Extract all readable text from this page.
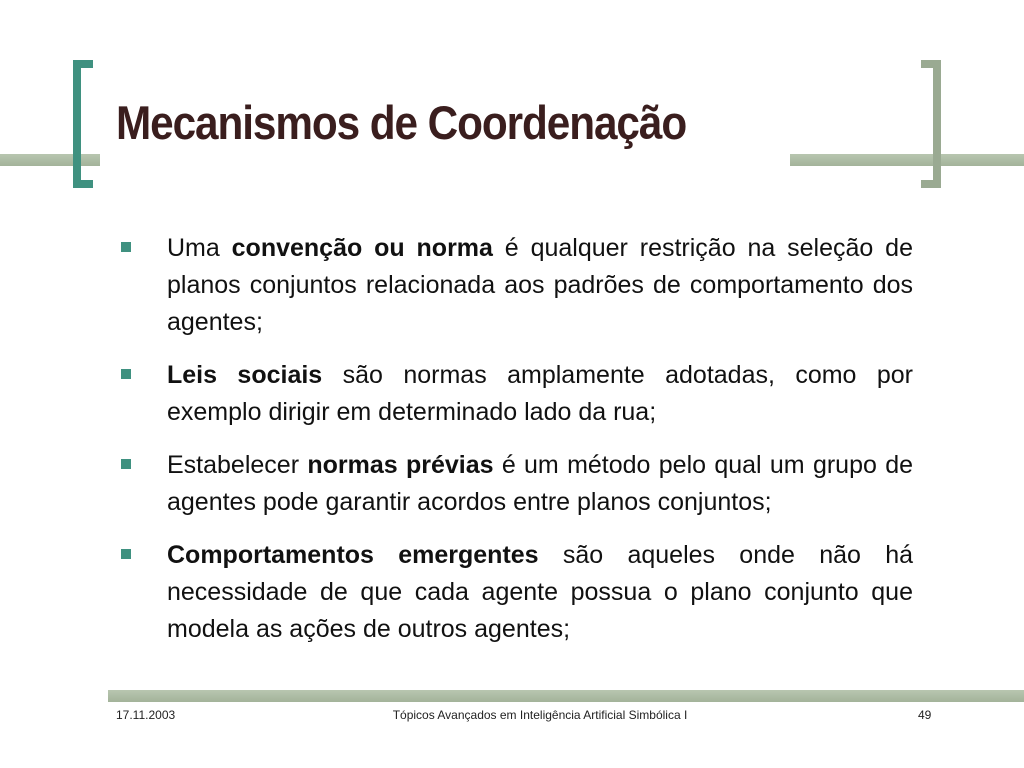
Mecanismos de Coordenação

Uma convenção ou norma é qualquer restrição na seleção de planos conjuntos relacionada aos padrões de comportamento dos agentes;

Leis sociais são normas amplamente adotadas, como por exemplo dirigir em determinado lado da rua;

Estabelecer normas prévias é um método pelo qual um grupo de agentes pode garantir acordos entre planos conjuntos;

Comportamentos emergentes são aqueles onde não há necessidade de que cada agente possua o plano conjunto que modela as ações de outros agentes;

17.11.2003	Tópicos Avançados em Inteligência Artificial Simbólica I	49
